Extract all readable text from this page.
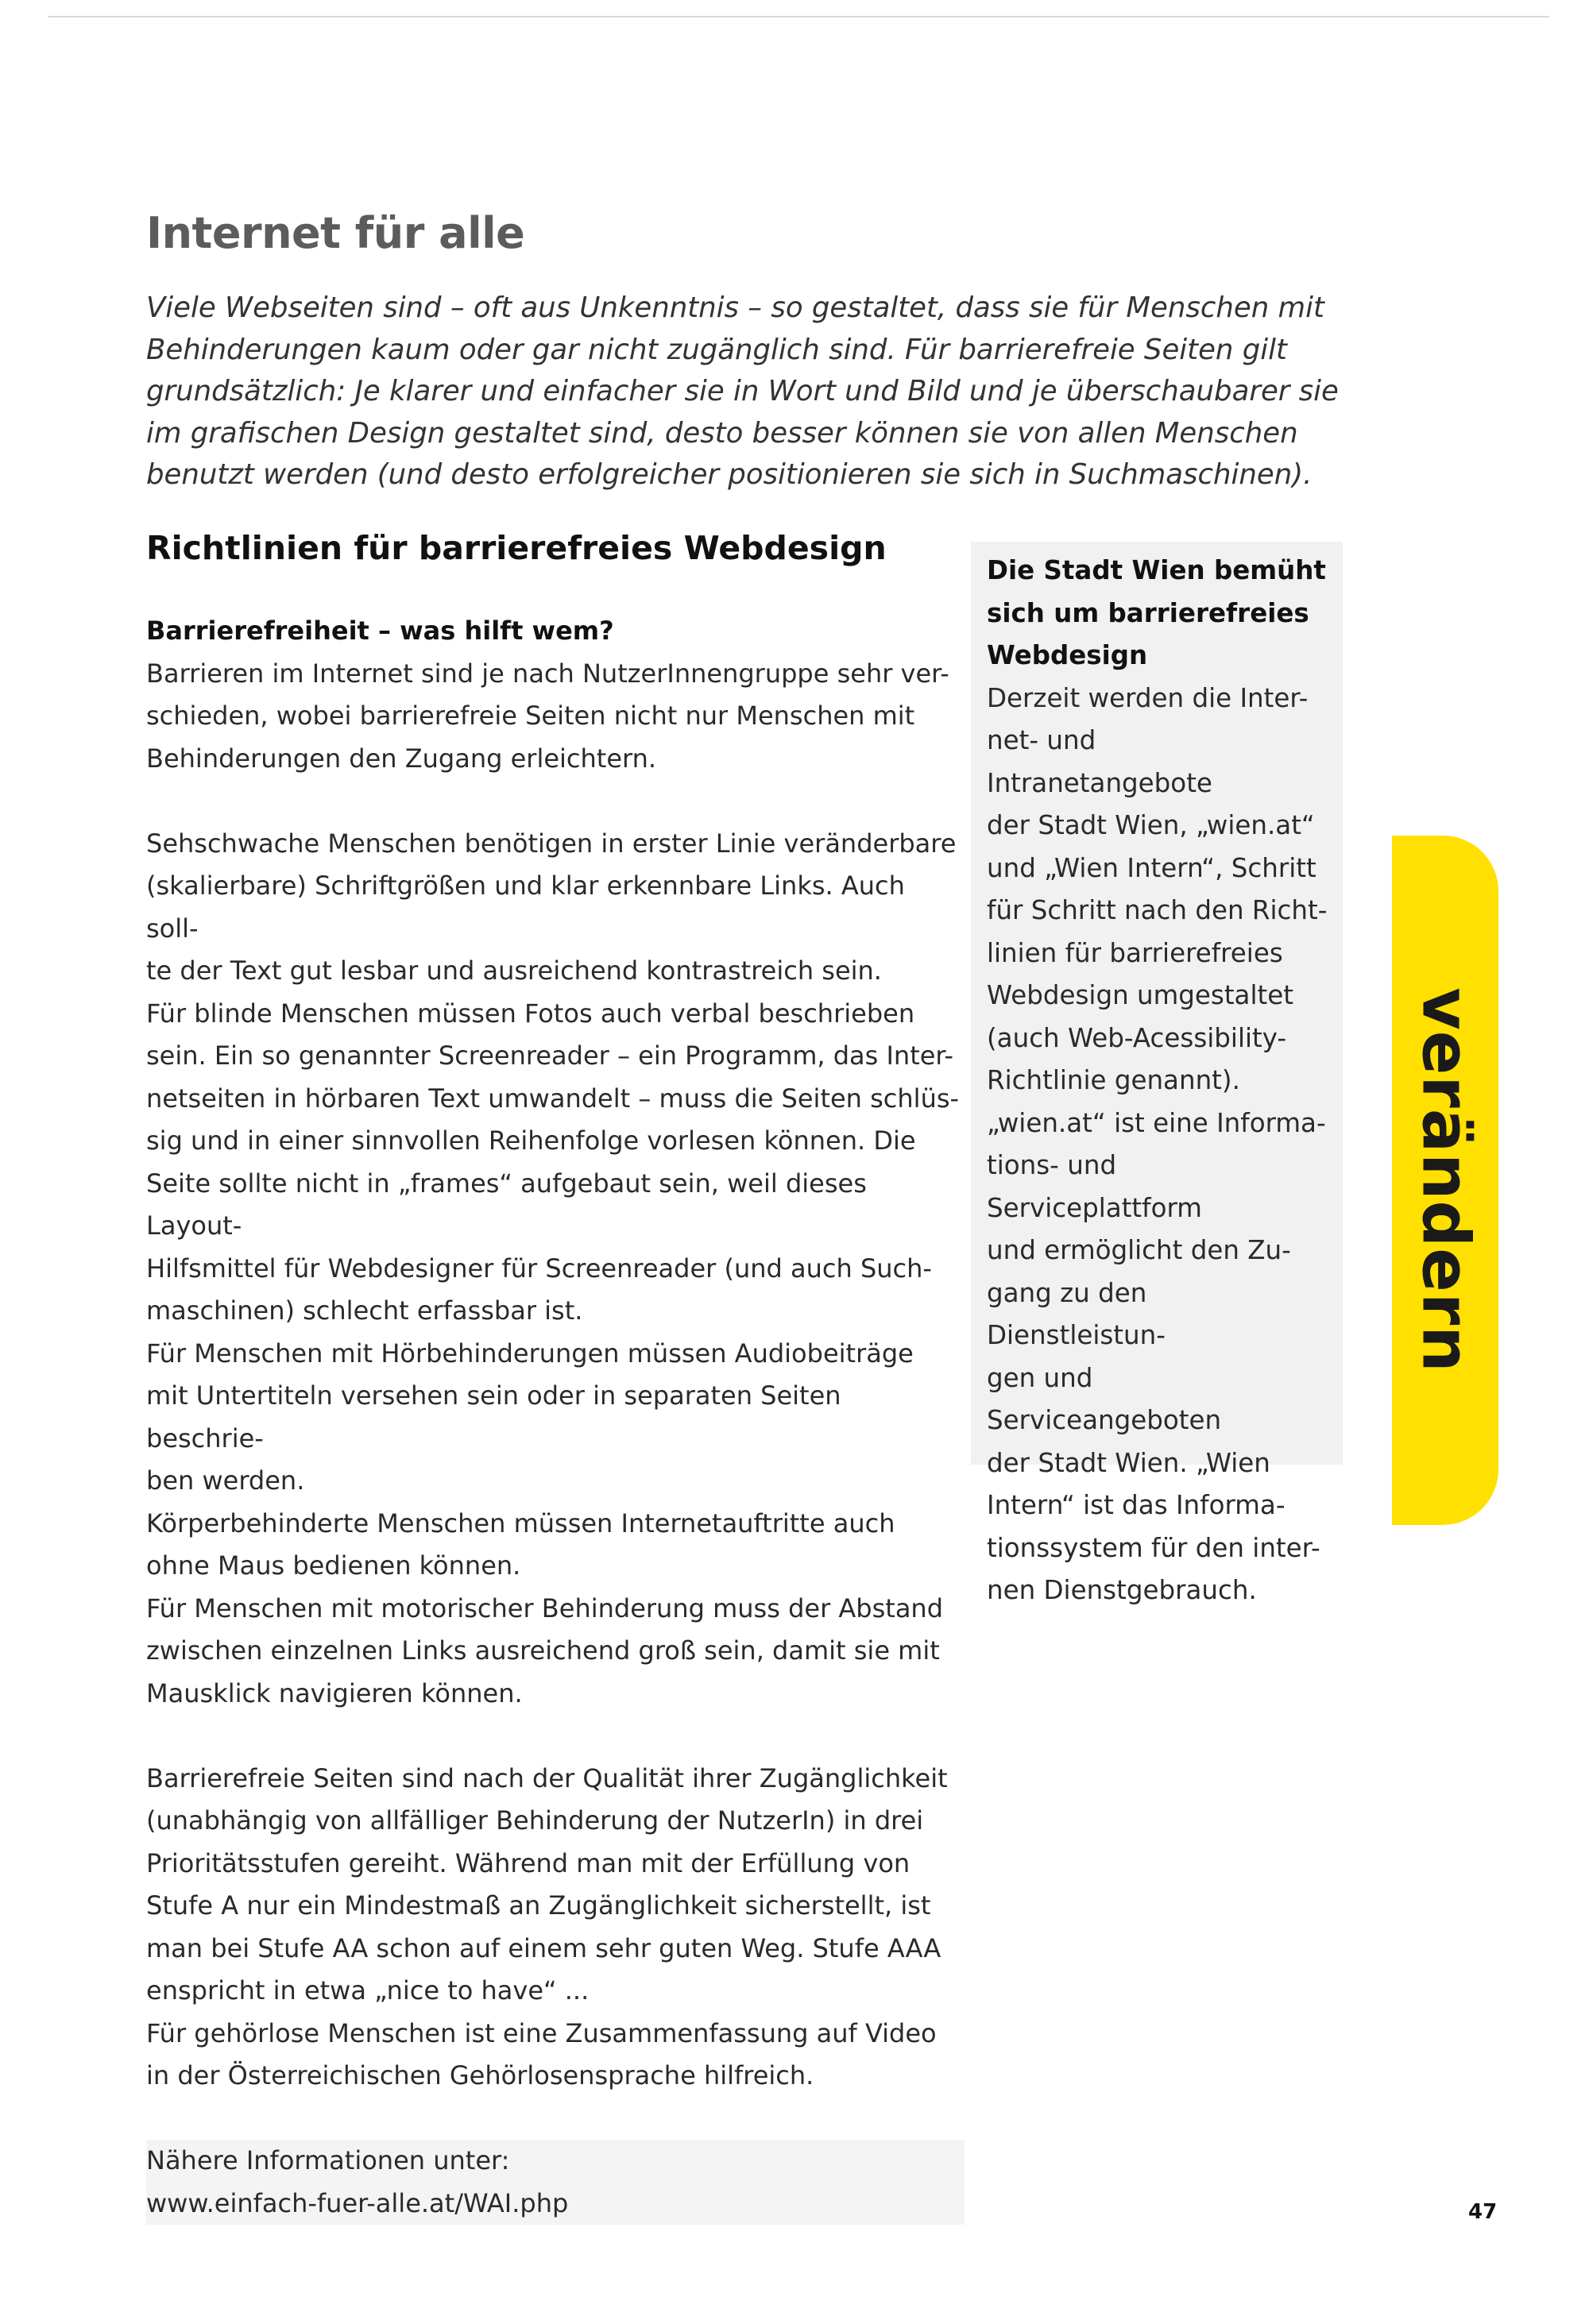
Internet für alle

Viele Webseiten sind – oft aus Unkenntnis – so gestaltet, dass sie für Menschen mit Behinderungen kaum oder gar nicht zugänglich sind. Für barrierefreie Seiten gilt grundsätzlich: Je klarer und einfacher sie in Wort und Bild und je überschaubarer sie im grafischen Design gestaltet sind, desto besser können sie von allen Menschen benutzt werden (und desto erfolgreicher positionieren sie sich in Suchmaschinen).

Richtlinien für barrierefreies Webdesign
Barrierefreiheit – was hilft wem?

Barrieren im Internet sind je nach NutzerInnengruppe sehr ver-
schieden, wobei barrierefreie Seiten nicht nur Menschen mit
Behinderungen den Zugang erleichtern.

Sehschwache Menschen benötigen in erster Linie veränderbare
(skalierbare) Schriftgrößen und klar erkennbare Links. Auch soll-
te der Text gut lesbar und ausreichend kontrastreich sein.
Für blinde Menschen müssen Fotos auch verbal beschrieben
sein. Ein so genannter Screenreader – ein Programm, das Inter-
netseiten in hörbaren Text umwandelt – muss die Seiten schlüs-
sig und in einer sinnvollen Reihenfolge vorlesen können. Die
Seite sollte nicht in „frames“ aufgebaut sein, weil dieses Layout-
Hilfsmittel für Webdesigner für Screenreader (und auch Such-
maschinen) schlecht erfassbar ist.
Für Menschen mit Hörbehinderungen müssen Audiobeiträge
mit Untertiteln versehen sein oder in separaten Seiten beschrie-
ben werden.
Körperbehinderte Menschen müssen Internetauftritte auch
ohne Maus bedienen können.
Für Menschen mit motorischer Behinderung muss der Abstand
zwischen einzelnen Links ausreichend groß sein, damit sie mit
Mausklick navigieren können.

Barrierefreie Seiten sind nach der Qualität ihrer Zugänglichkeit
(unabhängig von allfälliger Behinderung der NutzerIn) in drei
Prioritätsstufen gereiht. Während man mit der Erfüllung von
Stufe A nur ein Mindestmaß an Zugänglichkeit sicherstellt, ist
man bei Stufe AA schon auf einem sehr guten Weg. Stufe AAA
enspricht in etwa „nice to have“ ...
Für gehörlose Menschen ist eine Zusammenfassung auf Video
in der Österreichischen Gehörlosensprache hilfreich.

Nähere Informationen unter:

www.einfach-fuer-alle.at/WAI.php

Die Stadt Wien bemüht
sich um barrierefreies
Webdesign

Derzeit werden die Inter-
net- und Intranetangebote
der Stadt Wien, „wien.at“
und „Wien Intern“, Schritt
für Schritt nach den Richt-
linien für barrierefreies
Webdesign umgestaltet
(auch Web-Acessibility-
Richtlinie genannt).
„wien.at“ ist eine Informa-
tions- und Serviceplattform
und ermöglicht den Zu-
gang zu den Dienstleistun-
gen und Serviceangeboten
der Stadt Wien. „Wien
Intern“ ist das Informa-
tionssystem für den inter-
nen Dienstgebrauch.

verändern
47
